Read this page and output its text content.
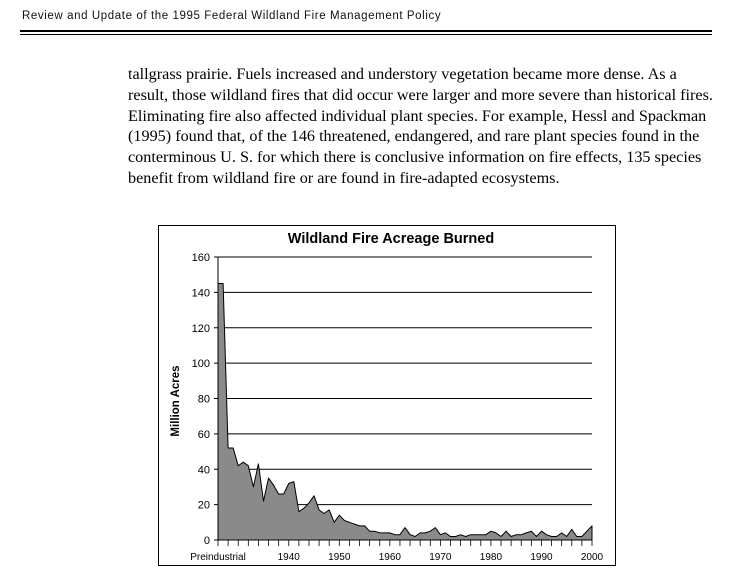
Review and Update of the 1995 Federal Wildland Fire Management Policy

tallgrass prairie. Fuels increased and understory vegetation became more dense. As a result, those wildland fires that did occur were larger and more severe than historical fires. Eliminating fire also affected individual plant species. For example, Hessl and Spackman (1995) found that, of the 146 threatened, endangered, and rare plant species found in the conterminous U. S. for which there is conclusive information on fire effects, 135 species benefit from wildland fire or are found in fire-adapted ecosystems.

Wildland Fire Acreage Burned
Million Acres
0
20
40
60
80
100
120
140
160
Preindustrial	1940	1950	1960	1970	1980	1990	2000
